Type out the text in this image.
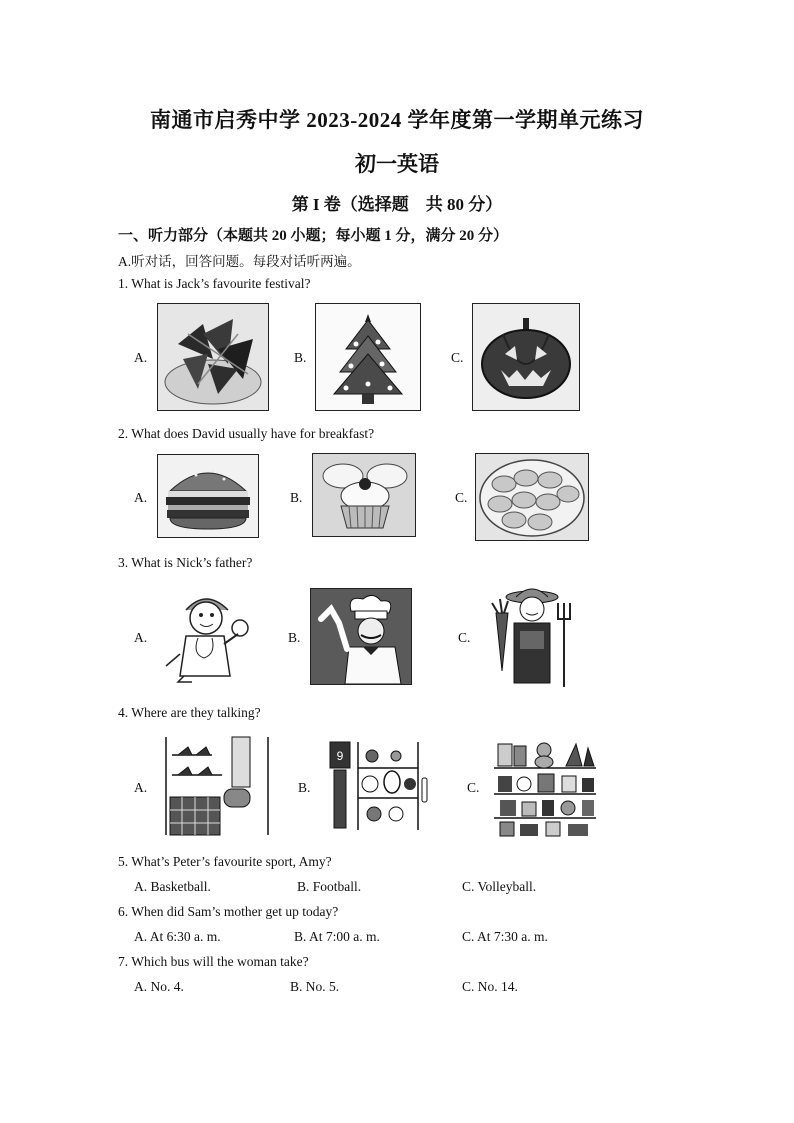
南通市启秀中学 2023-2024 学年度第一学期单元练习
初一英语
第 I 卷（选择题　共 80 分）
一、听力部分（本题共 20 小题；每小题 1 分，满分 20 分）
A.听对话，回答问题。每段对话听两遍。
1. What is Jack’s favourite festival?
A.	B.	C.
2. What does David usually have for breakfast?
A.	B.	C.
3. What is Nick’s father?
A.	B.	C.
4. Where are they talking?
A.	B.
9
C.
5. What’s Peter’s favourite sport, Amy?
A. Basketball.	B. Football.	C. Volleyball.
6. When did Sam’s mother get up today?
A. At 6:30 a. m.	B. At 7:00 a. m.	C. At 7:30 a. m.
7. Which bus will the woman take?
A. No. 4.	B. No. 5.	C. No. 14.
